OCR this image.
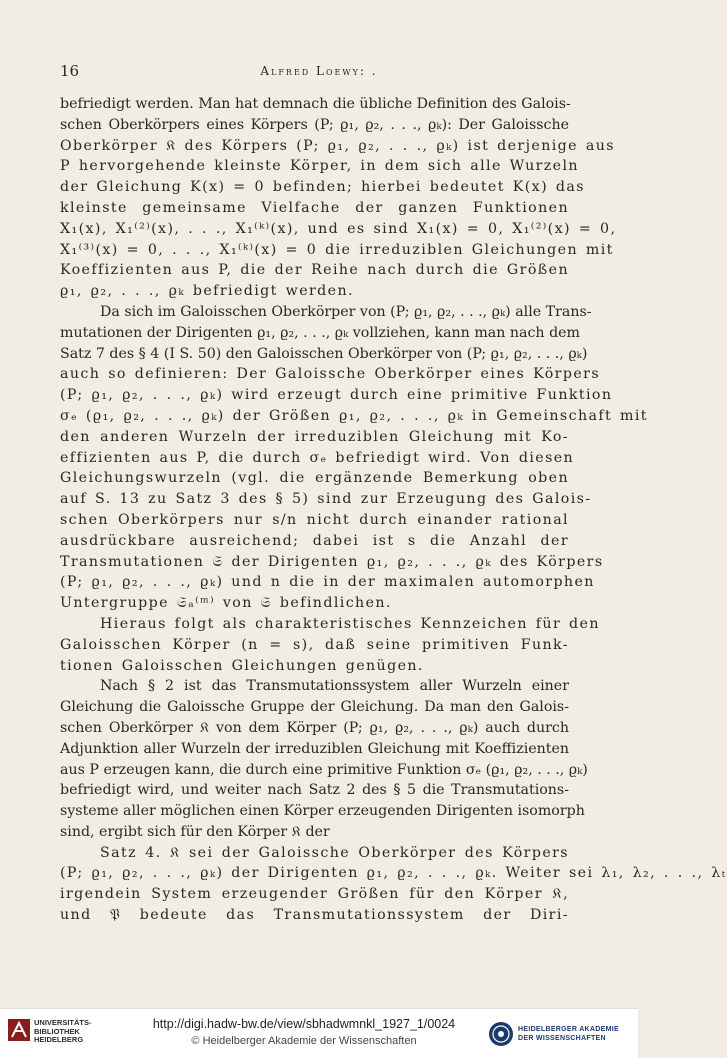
16	Alfred Loewy: .
befriedigt werden. Man hat demnach die übliche Definition des Galois-
schen Oberkörpers eines Körpers (P; ϱ₁, ϱ₂, . . ., ϱₖ): Der Galoissche
Oberkörper 𝔎 des Körpers (P; ϱ₁, ϱ₂, . . ., ϱₖ) ist derjenige aus
P hervorgehende kleinste Körper, in dem sich alle Wurzeln
der Gleichung K(x) = 0 befinden; hierbei bedeutet K(x) das
kleinste gemeinsame Vielfache der ganzen Funktionen
X₁(x), X₁⁽²⁾(x), . . ., X₁⁽ᵏ⁾(x), und es sind X₁(x) = 0, X₁⁽²⁾(x) = 0,
X₁⁽³⁾(x) = 0, . . ., X₁⁽ᵏ⁾(x) = 0 die irreduziblen Gleichungen mit
Koeffizienten aus P, die der Reihe nach durch die Größen
ϱ₁, ϱ₂, . . ., ϱₖ befriedigt werden.
Da sich im Galoisschen Oberkörper von (P; ϱ₁, ϱ₂, . . ., ϱₖ) alle Trans-
mutationen der Dirigenten ϱ₁, ϱ₂, . . ., ϱₖ vollziehen, kann man nach dem
Satz 7 des § 4 (I S. 50) den Galoisschen Oberkörper von (P; ϱ₁, ϱ₂, . . ., ϱₖ)
auch so definieren: Der Galoissche Oberkörper eines Körpers
(P; ϱ₁, ϱ₂, . . ., ϱₖ) wird erzeugt durch eine primitive Funktion
σₑ (ϱ₁, ϱ₂, . . ., ϱₖ) der Größen ϱ₁, ϱ₂, . . ., ϱₖ in Gemeinschaft mit
den anderen Wurzeln der irreduziblen Gleichung mit Ko-
effizienten aus P, die durch σₑ befriedigt wird. Von diesen
Gleichungswurzeln (vgl. die ergänzende Bemerkung oben
auf S. 13 zu Satz 3 des § 5) sind zur Erzeugung des Galois-
schen Oberkörpers nur s/n nicht durch einander rational
ausdrückbare ausreichend; dabei ist s die Anzahl der
Transmutationen 𝔖 der Dirigenten ϱ₁, ϱ₂, . . ., ϱₖ des Körpers
(P; ϱ₁, ϱ₂, . . ., ϱₖ) und n die in der maximalen automorphen
Untergruppe 𝔖ₐ⁽ᵐ⁾ von 𝔖 befindlichen.
Hieraus folgt als charakteristisches Kennzeichen für den
Galoisschen Körper (n = s), daß seine primitiven Funk-
tionen Galoisschen Gleichungen genügen.
Nach § 2 ist das Transmutationssystem aller Wurzeln einer
Gleichung die Galoissche Gruppe der Gleichung. Da man den Galois-
schen Oberkörper 𝔎 von dem Körper (P; ϱ₁, ϱ₂, . . ., ϱₖ) auch durch
Adjunktion aller Wurzeln der irreduziblen Gleichung mit Koeffizienten
aus P erzeugen kann, die durch eine primitive Funktion σₑ (ϱ₁, ϱ₂, . . ., ϱₖ)
befriedigt wird, und weiter nach Satz 2 des § 5 die Transmutations-
systeme aller möglichen einen Körper erzeugenden Dirigenten isomorph
sind, ergibt sich für den Körper 𝔎 der
Satz 4. 𝔎 sei der Galoissche Oberkörper des Körpers
(P; ϱ₁, ϱ₂, . . ., ϱₖ) der Dirigenten ϱ₁, ϱ₂, . . ., ϱₖ. Weiter sei λ₁, λ₂, . . ., λₜ
irgendein System erzeugender Größen für den Körper 𝔎,
und 𝔓 bedeute das Transmutationssystem der Diri-
UNIVERSITÄTS-
BIBLIOTHEK
HEIDELBERG
http://digi.hadw-bw.de/view/sbhadwmnkl_1927_1/0024
© Heidelberger Akademie der Wissenschaften
HEIDELBERGER AKADEMIE
DER WISSENSCHAFTEN
